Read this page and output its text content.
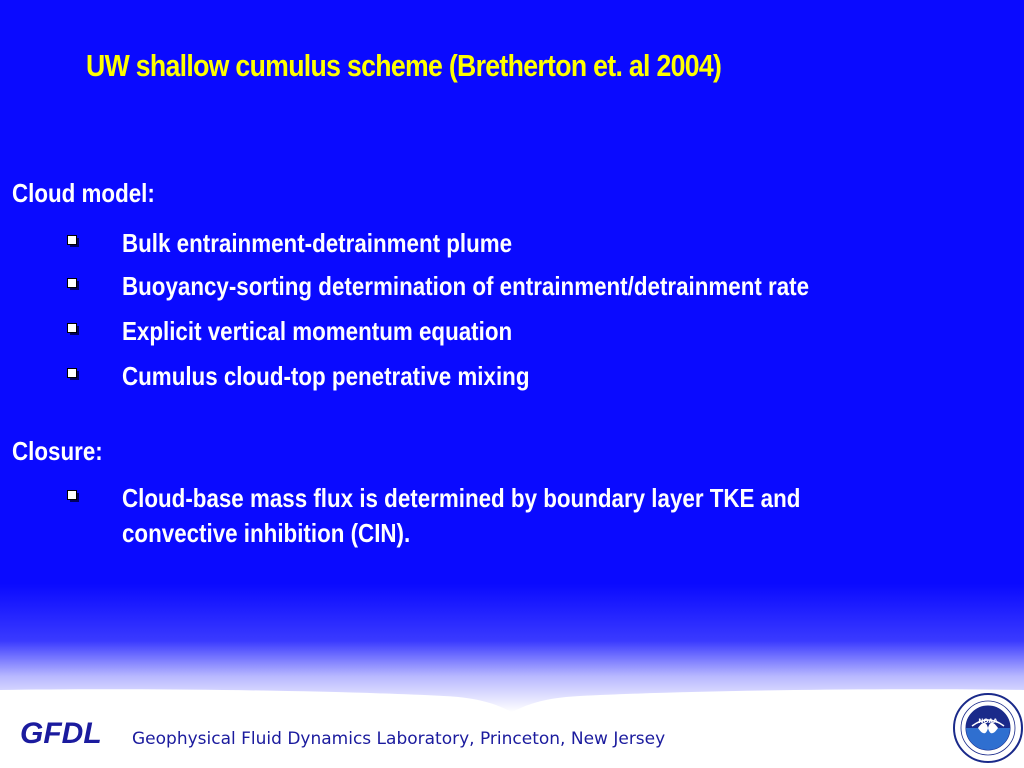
UW shallow cumulus scheme (Bretherton et. al 2004)
Cloud model:
Bulk entrainment-detrainment plume
Buoyancy-sorting determination of entrainment/detrainment rate
Explicit vertical momentum equation
Cumulus cloud-top penetrative mixing
Closure:
Cloud-base mass flux is determined by boundary layer TKE and
convective inhibition (CIN).
GFDL Geophysical Fluid Dynamics Laboratory, Princeton, New Jersey
NOAA
